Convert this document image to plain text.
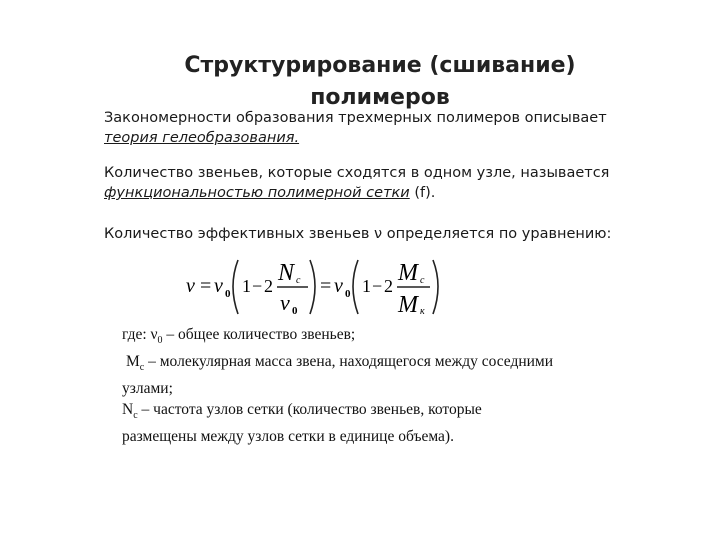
Структурирование (сшивание) полимеров
Закономерности образования трехмерных полимеров описывает теория гелеобразования.
Количество звеньев, которые сходятся в одном узле, называется функциональностью полимерной сетки (f).
Количество эффективных звеньев ν определяется по уравнению:
ν = ν 0 1 − 2 N c
ν 0
= ν 0 1 − 2 M c
M к
где: $\nu_0$ – общее количество звеньев;
$M_c$ – молекулярная масса звена, находящегося между соседними
узлами;
$N_c$ – частота узлов сетки (количество звеньев, которые
размещены между узлов сетки в единице объема).
